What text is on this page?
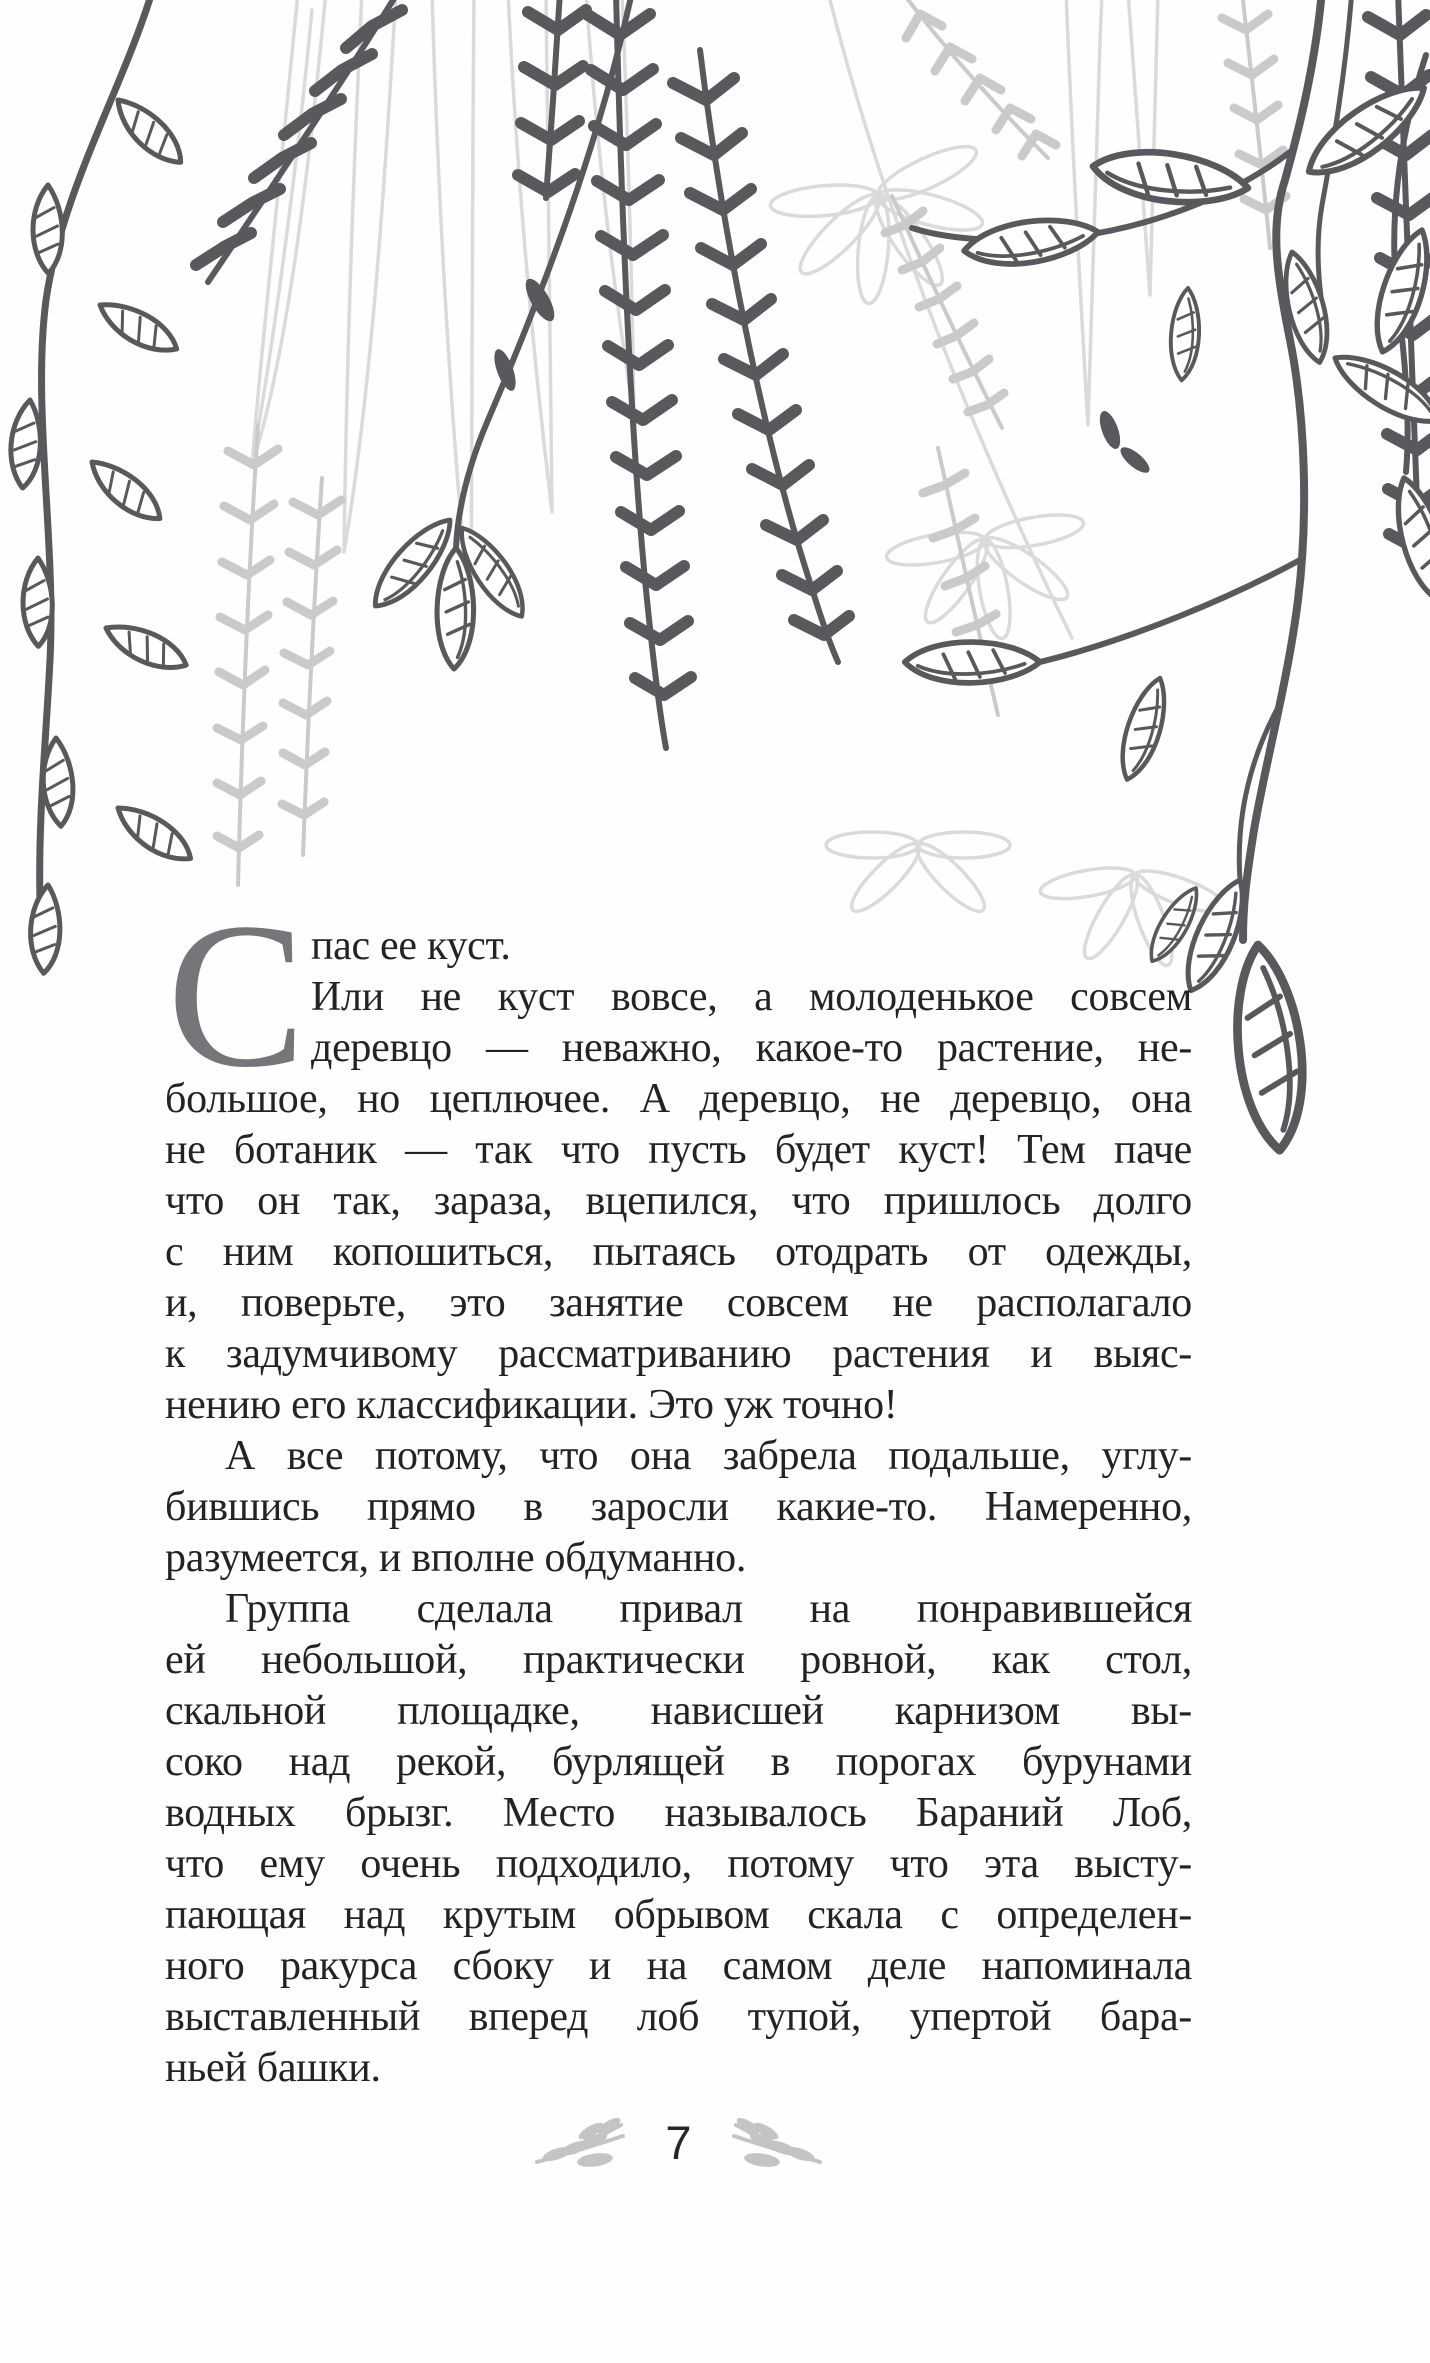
С пас ее куст.
Или не куст вовсе, а молоденькое совсем
деревцо — неважно, какое-то растение, не-
большое, но цеплючее. А деревцо, не деревцо, она
не ботаник — так что пусть будет куст! Тем паче
что он так, зараза, вцепился, что пришлось долго
с ним копошиться, пытаясь отодрать от одежды,
и, поверьте, это занятие совсем не располагало
к задумчивому рассматриванию растения и выяс-
нению его классификации. Это уж точно!
А все потому, что она забрела подальше, углу-
бившись прямо в заросли какие-то. Намеренно,
разумеется, и вполне обдуманно.
Группа сделала привал на понравившейся
ей небольшой, практически ровной, как стол,
скальной площадке, нависшей карнизом вы-
соко над рекой, бурлящей в порогах бурунами
водных брызг. Место называлось Бараний Лоб,
что ему очень подходило, потому что эта высту-
пающая над крутым обрывом скала с определен-
ного ракурса сбоку и на самом деле напоминала
выставленный вперед лоб тупой, упертой бара-
ньей башки.
7
